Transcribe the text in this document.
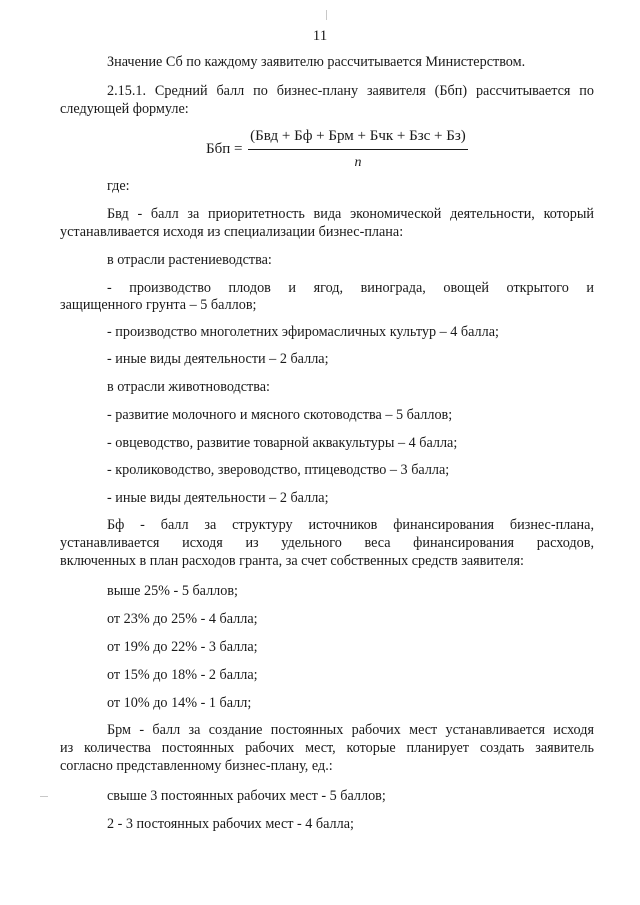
11
Значение Сб по каждому заявителю рассчитывается Министерством.
2.15.1. Средний балл по бизнес-плану заявителя (Ббп) рассчитывается по
следующей формуле:
Ббп =
(Бвд + Бф + Брм + Бчк + Бзс + Бз)
n
где:
Бвд - балл за приоритетность вида экономической деятельности, который
устанавливается исходя из специализации бизнес-плана:
в отрасли растениеводства:
- производство плодов и ягод, винограда, овощей открытого и
защищенного грунта – 5 баллов;
- производство многолетних эфиромасличных культур – 4 балла;
- иные виды деятельности – 2 балла;
в отрасли животноводства:
- развитие молочного и мясного скотоводства – 5 баллов;
- овцеводство, развитие товарной аквакультуры – 4 балла;
- кролиководство, звероводство, птицеводство – 3 балла;
- иные виды деятельности – 2 балла;
Бф - балл за структуру источников финансирования бизнес-плана,
устанавливается исходя из удельного веса финансирования расходов,
включенных в план расходов гранта, за счет собственных средств заявителя:
выше 25% - 5 баллов;
от 23% до 25% - 4 балла;
от 19% до 22% - 3 балла;
от 15% до 18% - 2 балла;
от 10% до 14% - 1 балл;
Брм - балл за создание постоянных рабочих мест устанавливается исходя
из количества постоянных рабочих мест, которые планирует создать заявитель
согласно представленному бизнес-плану, ед.:
свыше 3 постоянных рабочих мест - 5 баллов;
2 - 3 постоянных рабочих мест - 4 балла;
